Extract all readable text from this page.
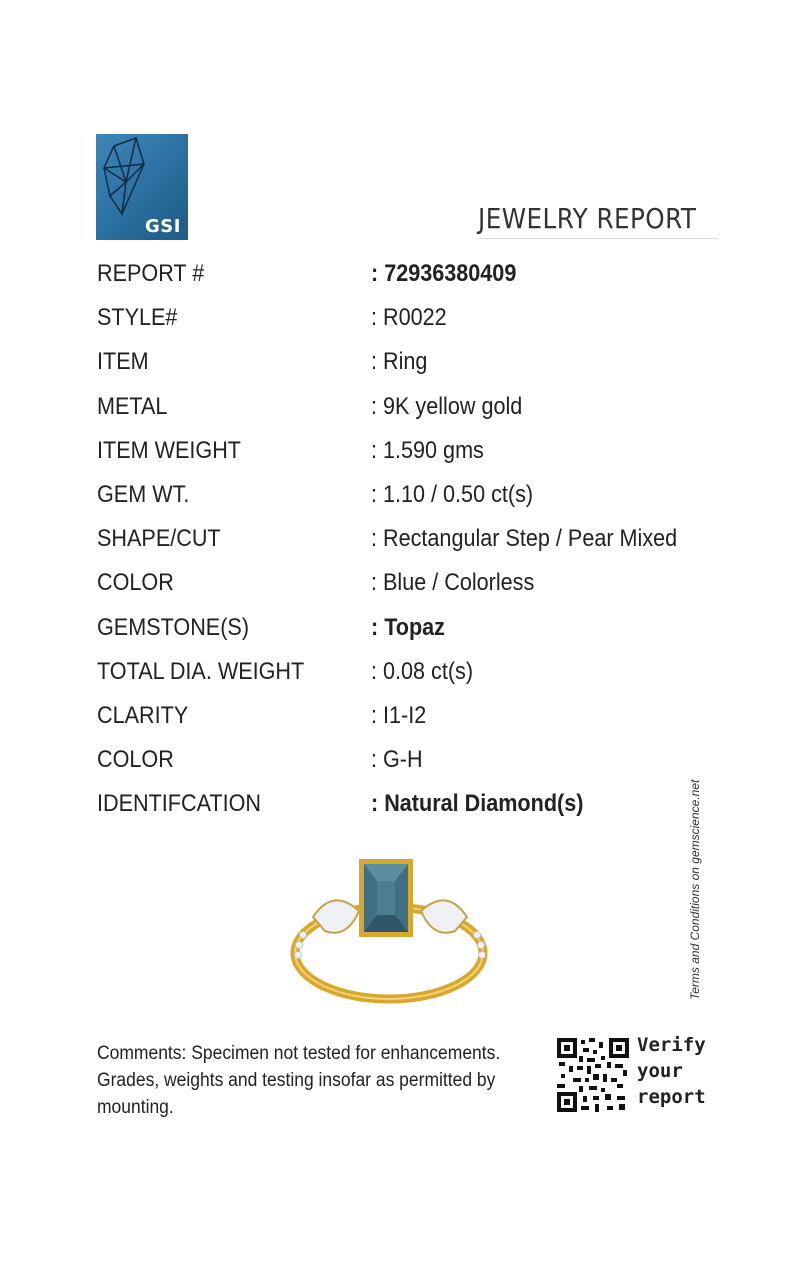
GSI	JEWELRY REPORT
REPORT #	: 72936380409
STYLE#	: R0022
ITEM	: Ring
METAL	: 9K yellow gold
ITEM WEIGHT	: 1.590 gms
GEM WT.	: 1.10 / 0.50 ct(s)
SHAPE/CUT	: Rectangular Step / Pear Mixed
COLOR	: Blue / Colorless
GEMSTONE(S)	: Topaz
TOTAL DIA. WEIGHT	: 0.08 ct(s)
CLARITY	: I1-I2
COLOR	: G-H
IDENTIFCATION	: Natural Diamond(s)	Terms and Conditions on gemscience.net
Comments: Specimen not tested for enhancements.
Grades, weights and testing insofar as permitted by
mounting.
Verify
your
report
